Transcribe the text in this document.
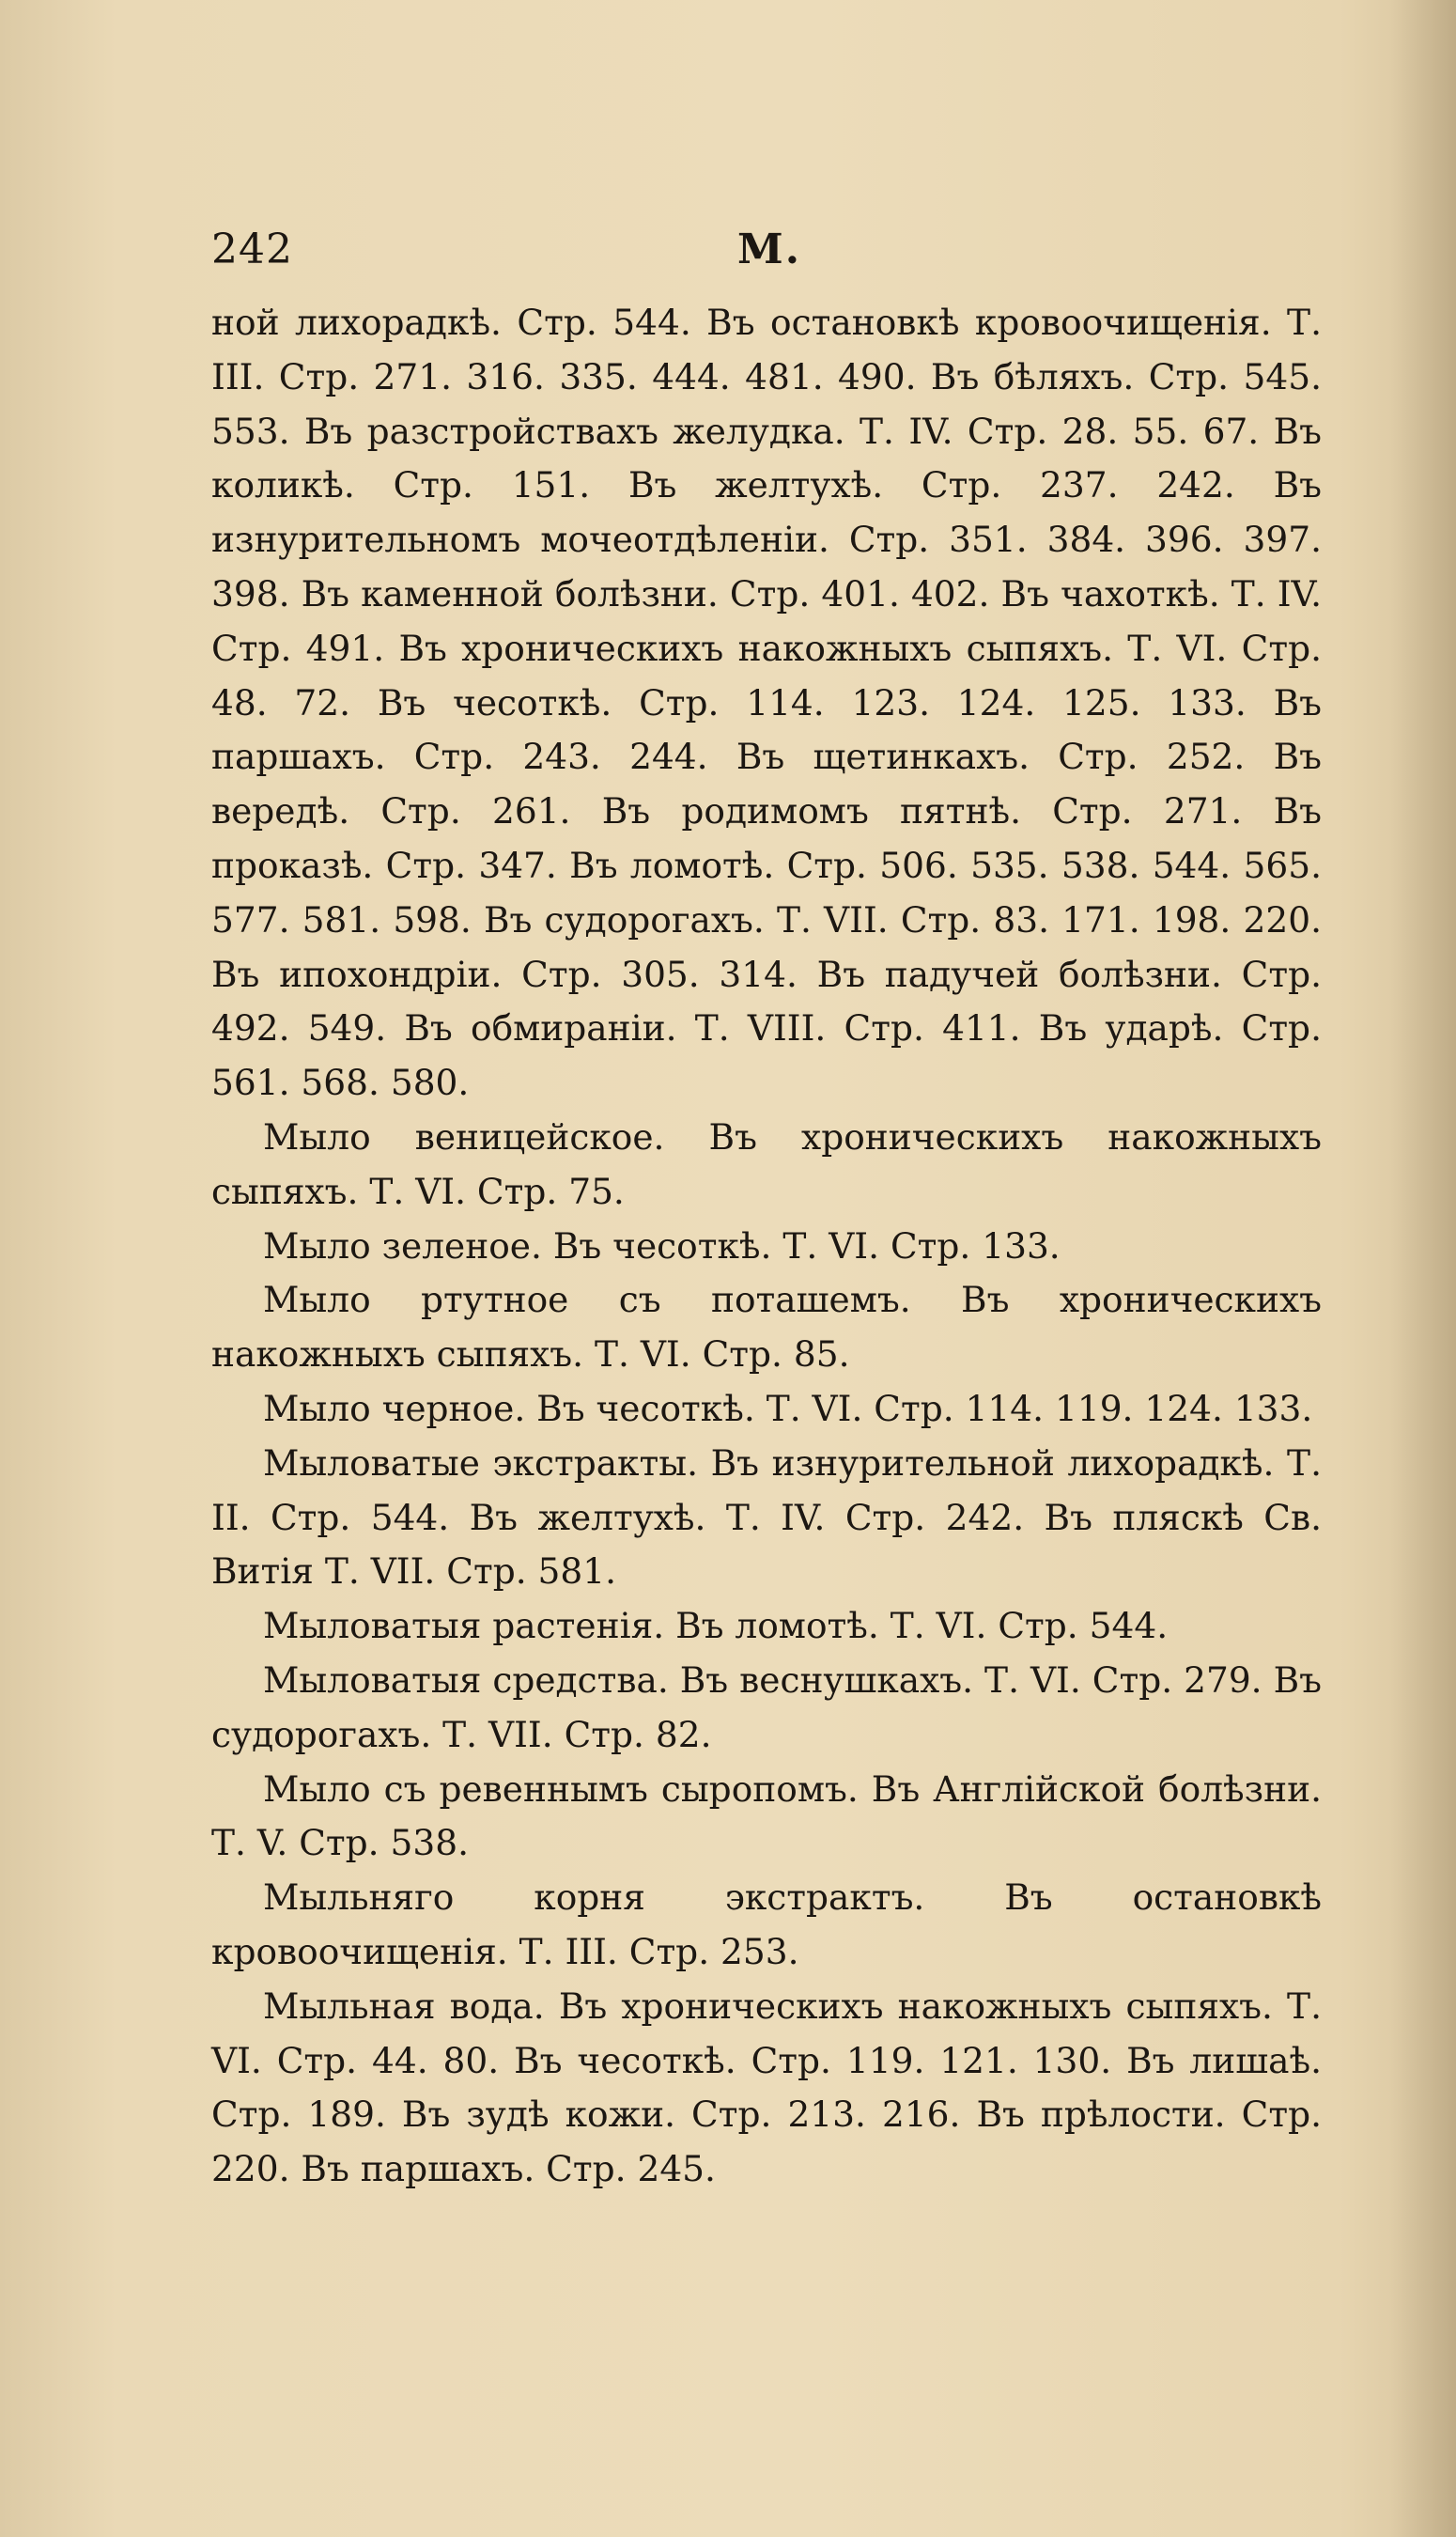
242	М.

ной лихорадкѣ. Стр. 544. Въ остановкѣ кровоочищенія. Т. III. Стр. 271. 316. 335. 444. 481. 490. Въ бѣляхъ. Стр. 545. 553. Въ разстройствахъ желудка. Т. IV. Стр. 28. 55. 67. Въ коликѣ. Стр. 151. Въ желтухѣ. Стр. 237. 242. Въ изнурительномъ мочеотдѣленіи. Стр. 351. 384. 396. 397. 398. Въ каменной болѣзни. Стр. 401. 402. Въ чахоткѣ. Т. IV. Стр. 491. Въ хроническихъ накожныхъ сыпяхъ. Т. VI. Стр. 48. 72. Въ чесоткѣ. Стр. 114. 123. 124. 125. 133. Въ паршахъ. Стр. 243. 244. Въ щетинкахъ. Стр. 252. Въ вередѣ. Стр. 261. Въ родимомъ пятнѣ. Стр. 271. Въ проказѣ. Стр. 347. Въ ломотѣ. Стр. 506. 535. 538. 544. 565. 577. 581. 598. Въ судорогахъ. Т. VII. Стр. 83. 171. 198. 220. Въ ипохондріи. Стр. 305. 314. Въ падучей болѣзни. Стр. 492. 549. Въ обмираніи. Т. VIII. Стр. 411. Въ ударѣ. Стр. 561. 568. 580.

Мыло веницейское. Въ хроническихъ накожныхъ сыпяхъ. Т. VI. Стр. 75.

Мыло зеленое. Въ чесоткѣ. Т. VI. Стр. 133.

Мыло ртутное съ поташемъ. Въ хроническихъ накожныхъ сыпяхъ. Т. VI. Стр. 85.

Мыло черное. Въ чесоткѣ. Т. VI. Стр. 114. 119. 124. 133.

Мыловатые экстракты. Въ изнурительной лихорадкѣ. Т. II. Стр. 544. Въ желтухѣ. Т. IV. Стр. 242. Въ пляскѣ Св. Витія Т. VII. Стр. 581.

Мыловатыя растенія. Въ ломотѣ. Т. VI. Стр. 544.

Мыловатыя средства. Въ веснушкахъ. Т. VI. Стр. 279. Въ судорогахъ. Т. VII. Стр. 82.

Мыло съ ревеннымъ сыропомъ. Въ Англійской болѣзни. Т. V. Стр. 538.

Мыльняго корня экстрактъ. Въ остановкѣ кровоочищенія. Т. III. Стр. 253.

Мыльная вода. Въ хроническихъ накожныхъ сыпяхъ. Т. VI. Стр. 44. 80. Въ чесоткѣ. Стр. 119. 121. 130. Въ лишаѣ. Стр. 189. Въ зудѣ кожи. Стр. 213. 216. Въ прѣлости. Стр. 220. Въ паршахъ. Стр. 245.
